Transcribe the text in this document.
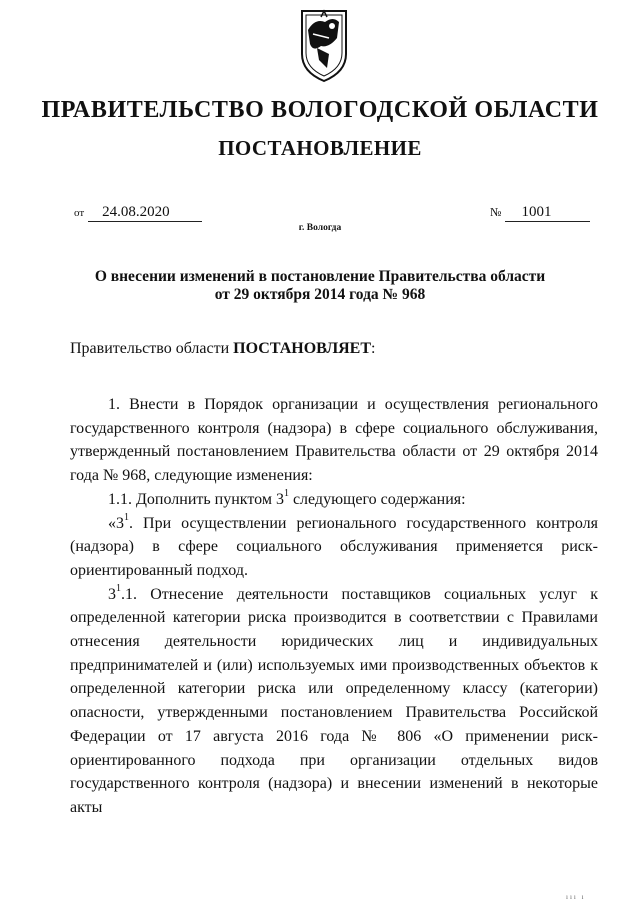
ПРАВИТЕЛЬСТВО ВОЛОГОДСКОЙ ОБЛАСТИ
ПОСТАНОВЛЕНИЕ
от 24.08.2020	№ 1001
г. Вологда
О внесении изменений в постановление Правительства области
от 29 октября 2014 года № 968
Правительство области ПОСТАНОВЛЯЕТ:

1. Внести в Порядок организации и осуществления регионального государственного контроля (надзора) в сфере социального обслуживания, утвержденный постановлением Правительства области от 29 октября 2014 года № 968, следующие изменения:

1.1. Дополнить пунктом $3^1$ следующего содержания:

«$3^1$. При осуществлении регионального государственного контроля (надзора) в сфере социального обслуживания применяется риск-ориентированный подход.

$3^1.1$. Отнесение деятельности поставщиков социальных услуг к определенной категории риска производится в соответствии с Правилами отнесения деятельности юридических лиц и индивидуальных предпринимателей и (или) используемых ими производственных объектов к определенной категории риска или определенному классу (категории) опасности, утвержденными постановлением Правительства Российской Федерации от 17 августа 2016 года № 806 «О применении риск-ориентированного подхода при организации отдельных видов государственного контроля (надзора) и внесении изменений в некоторые акты

ııı ı
